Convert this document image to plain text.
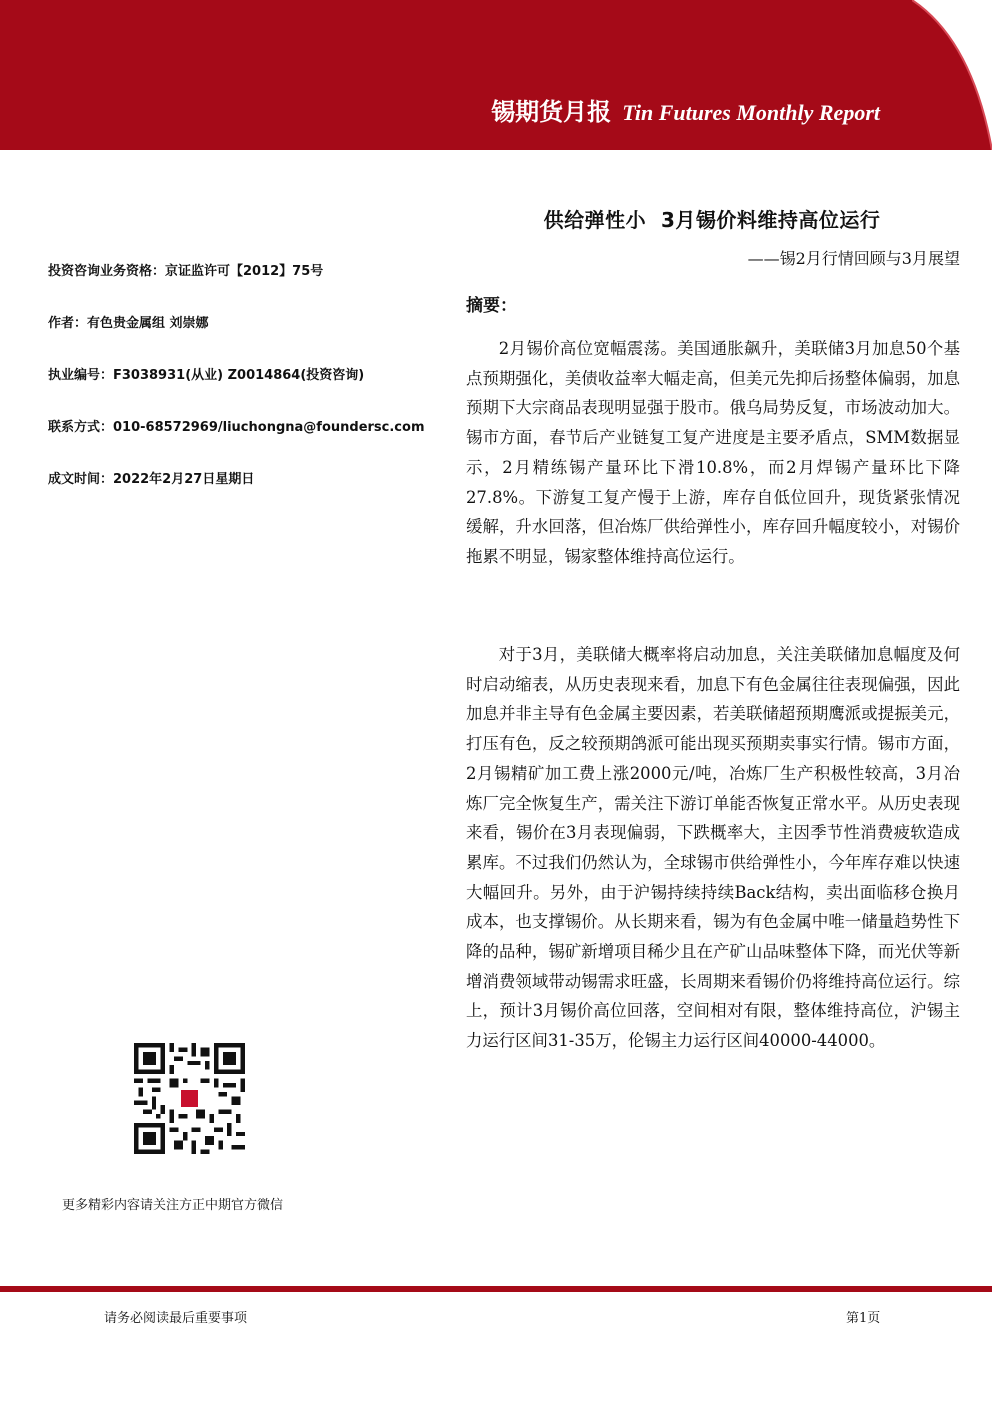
锡期货月报 Tin Futures Monthly Report
供给弹性小  3月锡价料维持高位运行
——锡2月行情回顾与3月展望
投资咨询业务资格：京证监许可【2012】75号
作者：有色贵金属组 刘崇娜
执业编号：F3038931(从业) Z0014864(投资咨询)
联系方式：010-68572969/liuchongna@foundersc.com
成文时间：2022年2月27日星期日
摘要：

2月锡价高位宽幅震荡。美国通胀飙升，美联储3月加息50个基点预期强化，美债收益率大幅走高，但美元先抑后扬整体偏弱，加息预期下大宗商品表现明显强于股市。俄乌局势反复，市场波动加大。锡市方面，春节后产业链复工复产进度是主要矛盾点，SMM数据显示，2月精练锡产量环比下滑10.8%，而2月焊锡产量环比下降27.8%。下游复工复产慢于上游，库存自低位回升，现货紧张情况缓解，升水回落，但冶炼厂供给弹性小，库存回升幅度较小，对锡价拖累不明显，锡家整体维持高位运行。

对于3月，美联储大概率将启动加息，关注美联储加息幅度及何时启动缩表，从历史表现来看，加息下有色金属往往表现偏强，因此加息并非主导有色金属主要因素，若美联储超预期鹰派或提振美元，打压有色，反之较预期鸽派可能出现买预期卖事实行情。锡市方面，2月锡精矿加工费上涨2000元/吨，冶炼厂生产积极性较高，3月冶炼厂完全恢复生产，需关注下游订单能否恢复正常水平。从历史表现来看，锡价在3月表现偏弱，下跌概率大，主因季节性消费疲软造成累库。不过我们仍然认为，全球锡市供给弹性小，今年库存难以快速大幅回升。另外，由于沪锡持续持续Back结构，卖出面临移仓换月成本，也支撑锡价。从长期来看，锡为有色金属中唯一储量趋势性下降的品种，锡矿新增项目稀少且在产矿山品味整体下降，而光伏等新增消费领域带动锡需求旺盛，长周期来看锡价仍将维持高位运行。综上，预计3月锡价高位回落，空间相对有限，整体维持高位，沪锡主力运行区间31-35万，伦锡主力运行区间40000-44000。

更多精彩内容请关注方正中期官方微信
请务必阅读最后重要事项	第1页
